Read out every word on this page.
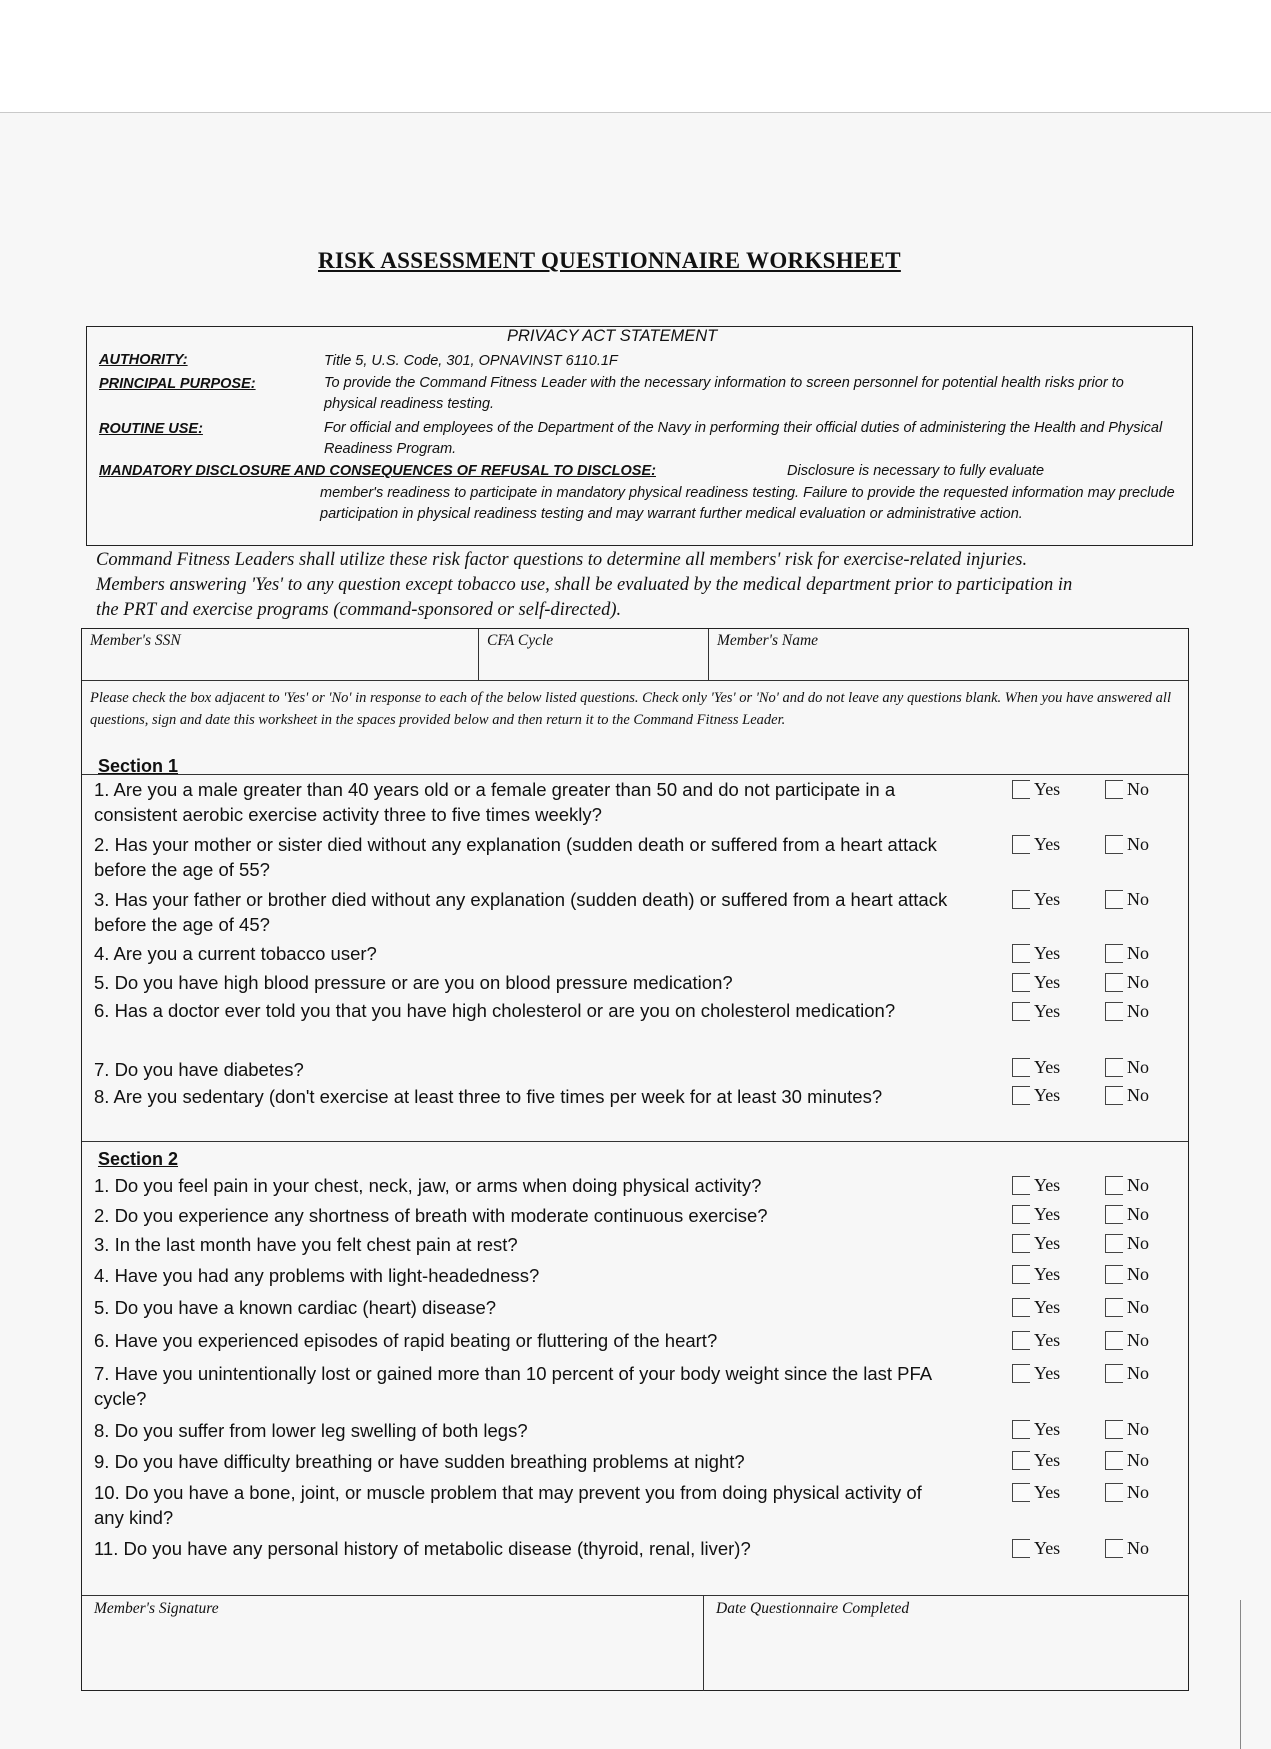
RISK ASSESSMENT QUESTIONNAIRE WORKSHEET
PRIVACY ACT STATEMENT
AUTHORITY:	Title 5, U.S. Code, 301, OPNAVINST 6110.1F
PRINCIPAL PURPOSE:	To provide the Command Fitness Leader with the necessary information to screen personnel for potential health risks prior to physical readiness testing.
ROUTINE USE:	For official and employees of the Department of the Navy in performing their official duties of administering the Health and Physical Readiness Program.
MANDATORY DISCLOSURE AND CONSEQUENCES OF REFUSAL TO DISCLOSE:	Disclosure is necessary to fully evaluate
member's readiness to participate in mandatory physical readiness testing. Failure to provide the requested information may preclude participation in physical readiness testing and may warrant further medical evaluation or administrative action.
Command Fitness Leaders shall utilize these risk factor questions to determine all members' risk for exercise-related injuries. Members answering 'Yes' to any question except tobacco use, shall be evaluated by the medical department prior to participation in the PRT and exercise programs (command-sponsored or self-directed).
Member's SSN	CFA Cycle	Member's Name
Please check the box adjacent to 'Yes' or 'No' in response to each of the below listed questions. Check only 'Yes' or 'No' and do not leave any questions blank. When you have answered all questions, sign and date this worksheet in the spaces provided below and then return it to the Command Fitness Leader.
Section 1
Section 2
Member's Signature	Date Questionnaire Completed
1. Are you a male greater than 40 years old or a female greater than 50 and do not participate in a consistent aerobic exercise activity three to five times weekly?
Yes	No
2. Has your mother or sister died without any explanation (sudden death or suffered from a heart attack before the age of 55?
Yes	No
3. Has your father or brother died without any explanation (sudden death) or suffered from a heart attack before the age of 45?
Yes	No
4. Are you a current tobacco user?	Yes	No
5. Do you have high blood pressure or are you on blood pressure medication?	Yes	No
6. Has a doctor ever told you that you have high cholesterol or are you on cholesterol medication?	Yes	No
7. Do you have diabetes?	Yes	No
8. Are you sedentary (don't exercise at least three to five times per week for at least 30 minutes?	Yes	No
1. Do you feel pain in your chest, neck, jaw, or arms when doing physical activity?	Yes	No
2. Do you experience any shortness of breath with moderate continuous exercise?	Yes	No
3. In the last month have you felt chest pain at rest?	Yes	No
4. Have you had any problems with light-headedness?	Yes	No
5. Do you have a known cardiac (heart) disease?	Yes	No
6. Have you experienced episodes of rapid beating or fluttering of the heart?	Yes	No
7. Have you unintentionally lost or gained more than 10 percent of your body weight since the last PFA cycle?
Yes	No
8. Do you suffer from lower leg swelling of both legs?	Yes	No
9. Do you have difficulty breathing or have sudden breathing problems at night?	Yes	No
10. Do you have a bone, joint, or muscle problem that may prevent you from doing physical activity of any kind?
Yes	No
11. Do you have any personal history of metabolic disease (thyroid, renal, liver)?	Yes	No
